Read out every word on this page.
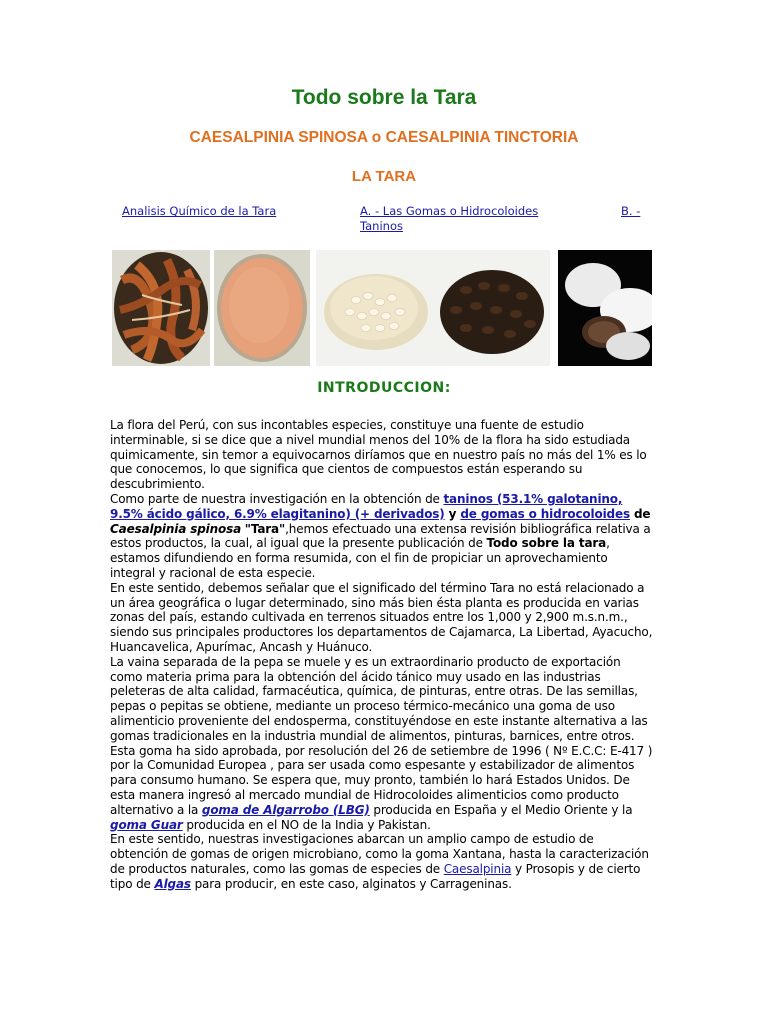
Todo sobre la Tara
CAESALPINIA SPINOSA o CAESALPINIA TINCTORIA
LA TARA
Analisis Químico de la Tara	A. - Las Gomas o Hidrocoloides
Taninos
B. -
INTRODUCCION:

La flora del Perú, con sus incontables especies, constituye una fuente de estudio interminable, si se dice que a nivel mundial menos del 10% de la flora ha sido estudiada quimicamente, sin temor a equivocarnos diríamos que en nuestro país no más del 1% es lo que conocemos, lo que significa que cientos de compuestos están esperando su descubrimiento.

Como parte de nuestra investigación en la obtención de taninos (53.1% galotanino, 9.5% ácido gálico, 6.9% elagitanino) (+ derivados) y de gomas o hidrocoloides de Caesalpinia spinosa "Tara",hemos efectuado una extensa revisión bibliográfica relativa a estos productos, la cual, al igual que la presente publicación de Todo sobre la tara, estamos difundiendo en forma resumida, con el fin de propiciar un aprovechamiento integral y racional de esta especie.

En este sentido, debemos señalar que el significado del término Tara no está relacionado a un área geográfica o lugar determinado, sino más bien ésta planta es producida en varias zonas del país, estando cultivada en terrenos situados entre los 1,000 y 2,900 m.s.n.m., siendo sus principales productores los departamentos de Cajamarca, La Libertad, Ayacucho, Huancavelica, Apurímac, Ancash y Huánuco.

La vaina separada de la pepa se muele y es un extraordinario producto de exportación como materia prima para la obtención del ácido tánico muy usado en las industrias peleteras de alta calidad, farmacéutica, química, de pinturas, entre otras. De las semillas, pepas o pepitas se obtiene, mediante un proceso térmico-mecánico una goma de uso alimenticio proveniente del endosperma, constituyéndose en este instante alternativa a las gomas tradicionales en la industria mundial de alimentos, pinturas, barnices, entre otros. Esta goma ha sido aprobada, por resolución del 26 de setiembre de 1996 ( Nº E.C.C: E-417 ) por la Comunidad Europea , para ser usada como espesante y estabilizador de alimentos para consumo humano. Se espera que, muy pronto, también lo hará Estados Unidos. De esta manera ingresó al mercado mundial de Hidrocoloides alimenticios como producto alternativo a la goma de Algarrobo (LBG) producida en España y el Medio Oriente y la goma Guar producida en el NO de la India y Pakistan.

En este sentido, nuestras investigaciones abarcan un amplio campo de estudio de obtención de gomas de origen microbiano, como la goma Xantana, hasta la caracterización de productos naturales, como las gomas de especies de Caesalpinia y Prosopis y de cierto tipo de Algas para producir, en este caso, alginatos y Carrageninas.
